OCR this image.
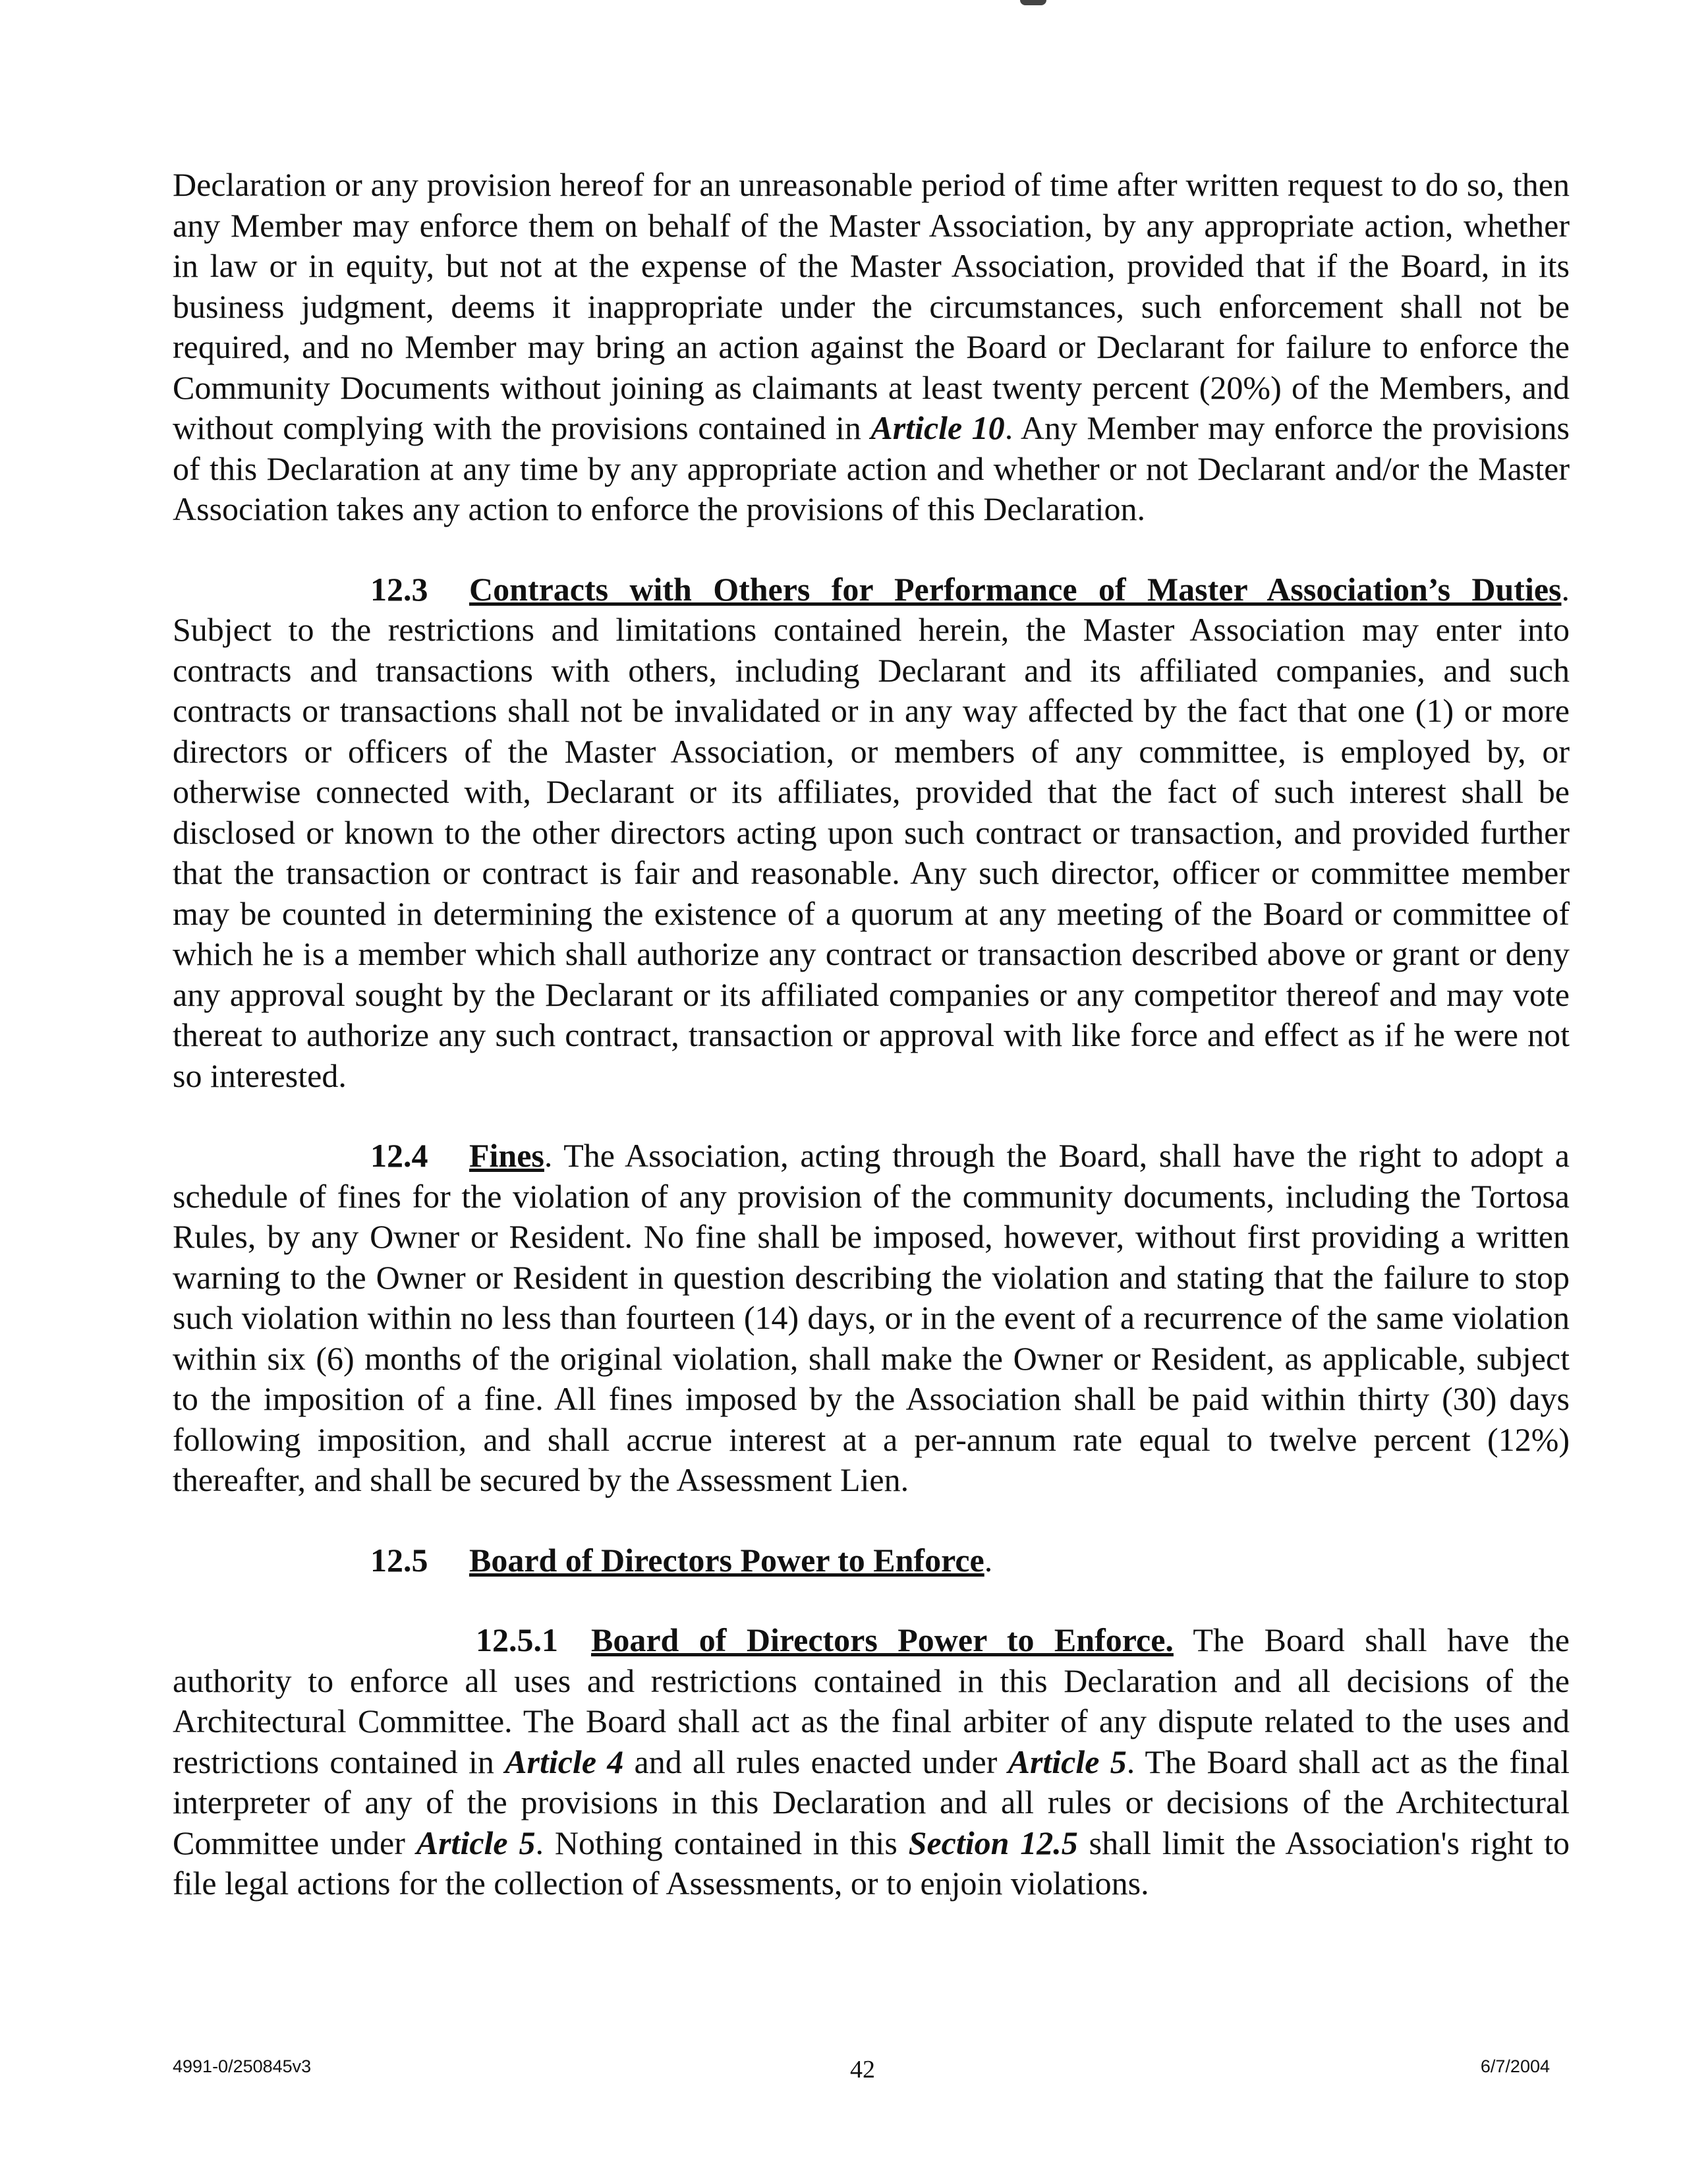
Declaration or any provision hereof for an unreasonable period of time after written request to do so, then any Member may enforce them on behalf of the Master Association, by any appropriate action, whether in law or in equity, but not at the expense of the Master Association, provided that if the Board, in its business judgment, deems it inappropriate under the circumstances, such enforcement shall not be required, and no Member may bring an action against the Board or Declarant for failure to enforce the Community Documents without joining as claimants at least twenty percent (20%) of the Members, and without complying with the provisions contained in Article 10. Any Member may enforce the provisions of this Declaration at any time by any appropriate action and whether or not Declarant and/or the Master Association takes any action to enforce the provisions of this Declaration.

12.3 Contracts with Others for Performance of Master Association’s Duties. Subject to the restrictions and limitations contained herein, the Master Association may enter into contracts and transactions with others, including Declarant and its affiliated companies, and such contracts or transactions shall not be invalidated or in any way affected by the fact that one (1) or more directors or officers of the Master Association, or members of any committee, is employed by, or otherwise connected with, Declarant or its affiliates, provided that the fact of such interest shall be disclosed or known to the other directors acting upon such contract or transaction, and provided further that the transaction or contract is fair and reasonable. Any such director, officer or committee member may be counted in determining the existence of a quorum at any meeting of the Board or committee of which he is a member which shall authorize any contract or transaction described above or grant or deny any approval sought by the Declarant or its affiliated companies or any competitor thereof and may vote thereat to authorize any such contract, transaction or approval with like force and effect as if he were not so interested.

12.4 Fines. The Association, acting through the Board, shall have the right to adopt a schedule of fines for the violation of any provision of the community documents, including the Tortosa Rules, by any Owner or Resident. No fine shall be imposed, however, without first providing a written warning to the Owner or Resident in question describing the violation and stating that the failure to stop such violation within no less than fourteen (14) days, or in the event of a recurrence of the same violation within six (6) months of the original violation, shall make the Owner or Resident, as applicable, subject to the imposition of a fine. All fines imposed by the Association shall be paid within thirty (30) days following imposition, and shall accrue interest at a per-annum rate equal to twelve percent (12%) thereafter, and shall be secured by the Assessment Lien.

12.5 Board of Directors Power to Enforce.

12.5.1 Board of Directors Power to Enforce. The Board shall have the authority to enforce all uses and restrictions contained in this Declaration and all decisions of the Architectural Committee. The Board shall act as the final arbiter of any dispute related to the uses and restrictions contained in Article 4 and all rules enacted under Article 5. The Board shall act as the final interpreter of any of the provisions in this Declaration and all rules or decisions of the Architectural Committee under Article 5. Nothing contained in this Section 12.5 shall limit the Association's right to file legal actions for the collection of Assessments, or to enjoin violations.

4991-0/250845v3	42	6/7/2004
